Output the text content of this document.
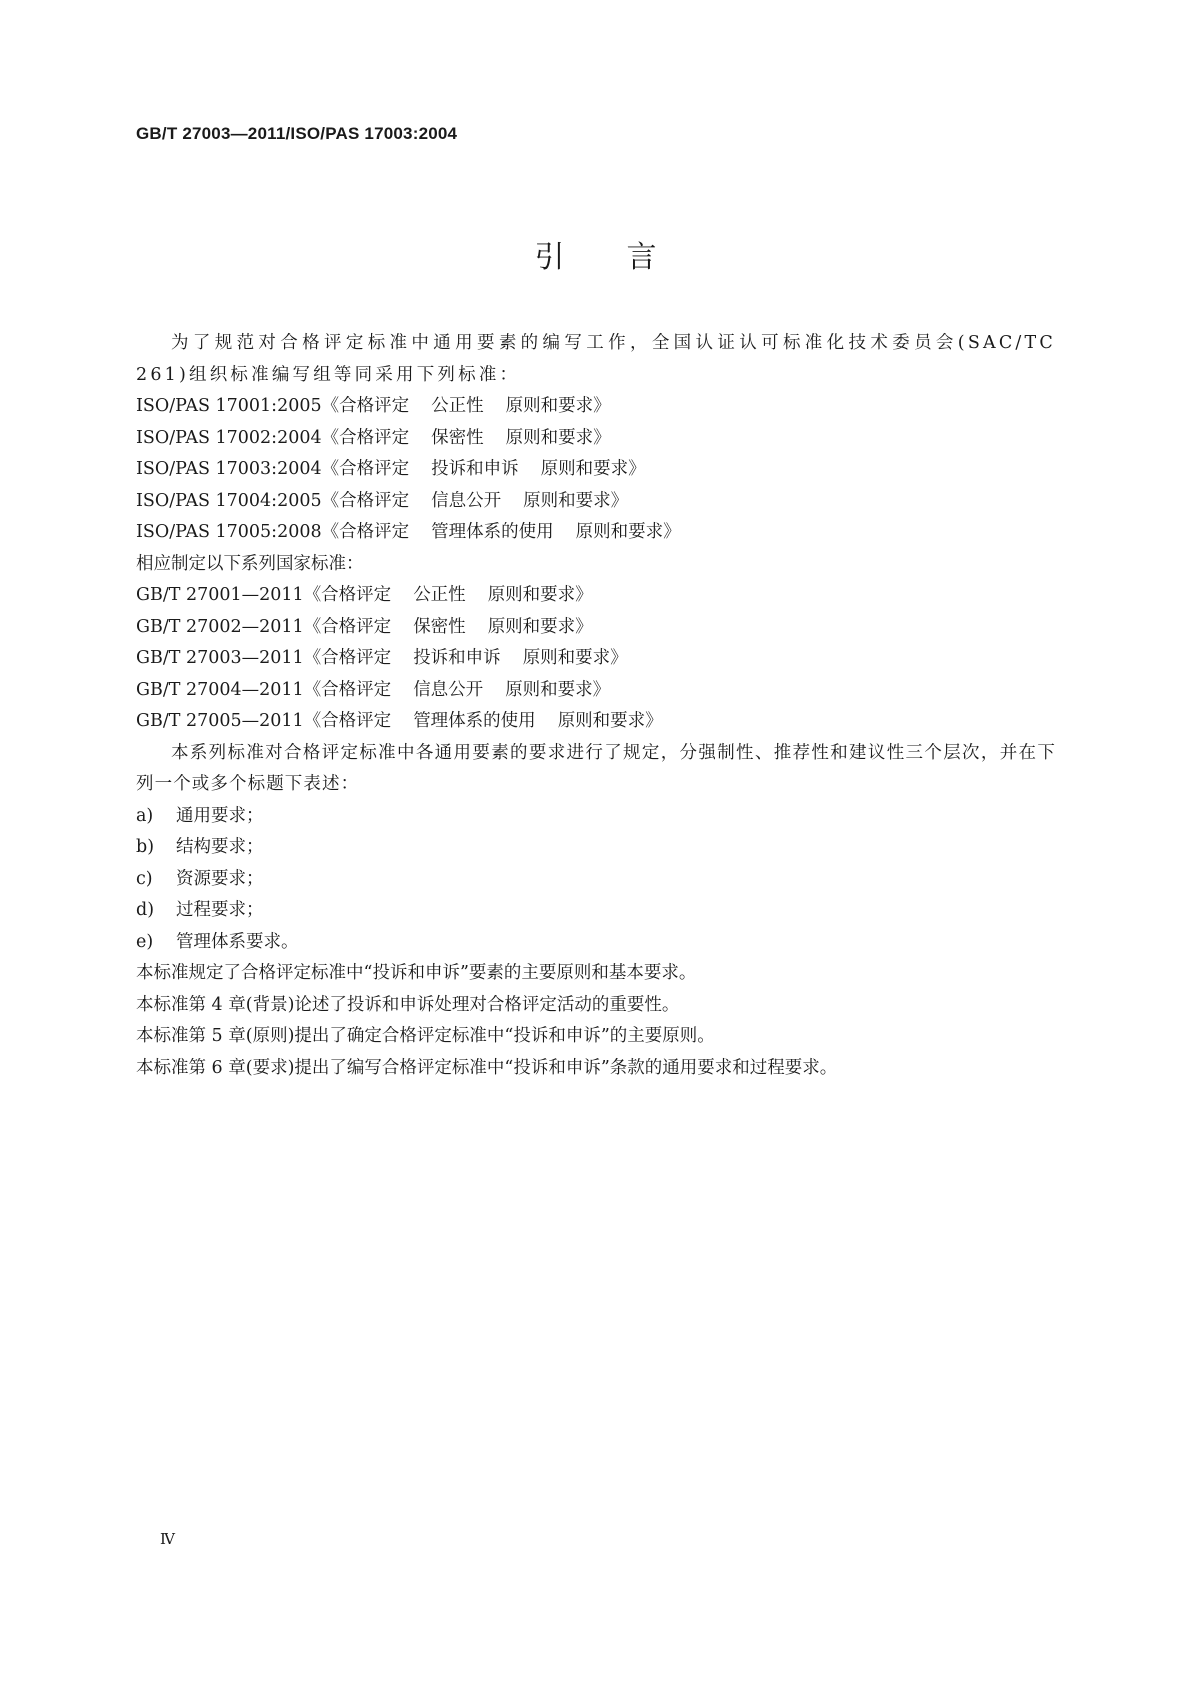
GB/T 27003—2011/ISO/PAS 17003:2004
引言

为了规范对合格评定标准中通用要素的编写工作，全国认证认可标准化技术委员会(SAC/TC 261)组织标准编写组等同采用下列标准：

ISO/PAS 17001:2005《合格评定 公正性 原则和要求》

ISO/PAS 17002:2004《合格评定 保密性 原则和要求》

ISO/PAS 17003:2004《合格评定 投诉和申诉 原则和要求》

ISO/PAS 17004:2005《合格评定 信息公开 原则和要求》

ISO/PAS 17005:2008《合格评定 管理体系的使用 原则和要求》

相应制定以下系列国家标准：

GB/T 27001—2011《合格评定 公正性 原则和要求》

GB/T 27002—2011《合格评定 保密性 原则和要求》

GB/T 27003—2011《合格评定 投诉和申诉 原则和要求》

GB/T 27004—2011《合格评定 信息公开 原则和要求》

GB/T 27005—2011《合格评定 管理体系的使用 原则和要求》

本系列标准对合格评定标准中各通用要素的要求进行了规定，分强制性、推荐性和建议性三个层次，并在下列一个或多个标题下表述：

a) 通用要求；

b) 结构要求；

c) 资源要求；

d) 过程要求；

e) 管理体系要求。

本标准规定了合格评定标准中“投诉和申诉”要素的主要原则和基本要求。

本标准第 4 章(背景)论述了投诉和申诉处理对合格评定活动的重要性。

本标准第 5 章(原则)提出了确定合格评定标准中“投诉和申诉”的主要原则。

本标准第 6 章(要求)提出了编写合格评定标准中“投诉和申诉”条款的通用要求和过程要求。

Ⅳ
